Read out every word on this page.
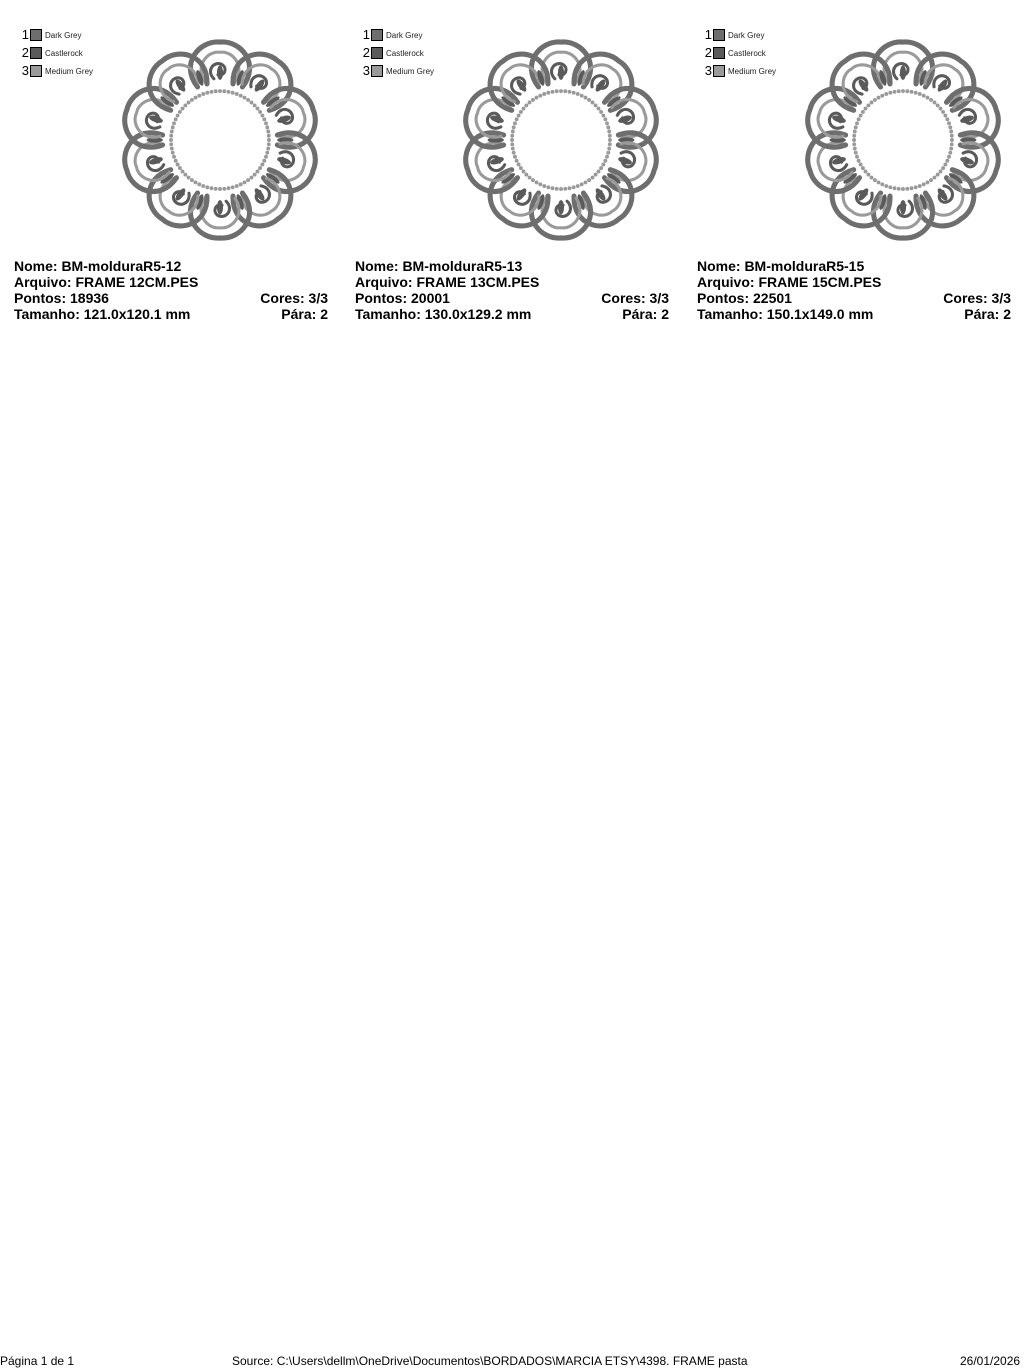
1 Dark Grey
2 Castlerock
3 Medium Grey
Nome: BM-molduraR5-12
Arquivo: FRAME 12CM.PES
Pontos: 18936	Cores: 3/3
Tamanho: 121.0x120.1 mm	Pára: 2
1 Dark Grey
2 Castlerock
3 Medium Grey
Nome: BM-molduraR5-13
Arquivo: FRAME 13CM.PES
Pontos: 20001	Cores: 3/3
Tamanho: 130.0x129.2 mm	Pára: 2
1 Dark Grey
2 Castlerock
3 Medium Grey
Nome: BM-molduraR5-15
Arquivo: FRAME 15CM.PES
Pontos: 22501	Cores: 3/3
Tamanho: 150.1x149.0 mm	Pára: 2
Página 1 de 1	Source: C:\Users\dellm\OneDrive\Documentos\BORDADOS\MARCIA ETSY\4398. FRAME pasta	26/01/2026
